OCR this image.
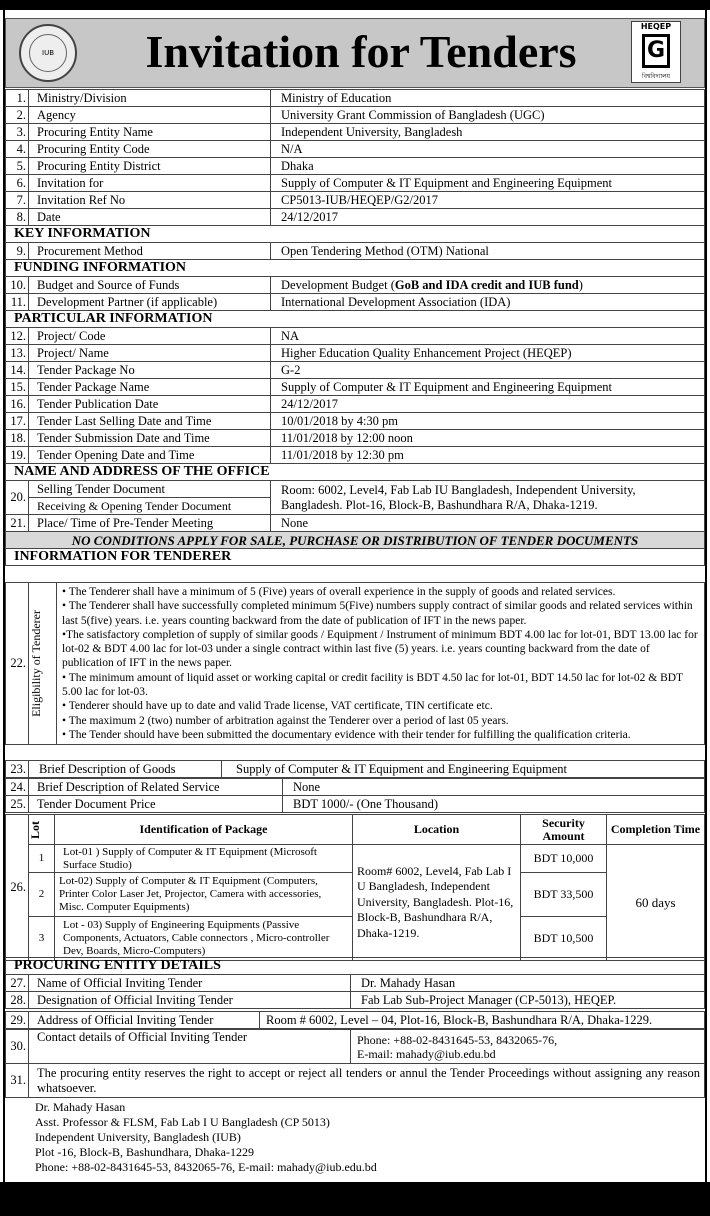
IUB	Invitation for Tenders	HEQEP
G
বিশ্ববিদ্যালয়
1.	Ministry/Division	Ministry of Education
2.	Agency	University Grant Commission of Bangladesh (UGC)
3.	Procuring Entity Name	Independent University, Bangladesh
4.	Procuring Entity Code	N/A
5.	Procuring Entity District	Dhaka
6.	Invitation for	Supply of Computer & IT Equipment and Engineering Equipment
7.	Invitation Ref No	CP5013-IUB/HEQEP/G2/2017
8.	Date	24/12/2017
KEY INFORMATION		
9.	Procurement Method	Open Tendering Method (OTM) National
FUNDING INFORMATION		
10.	Budget and Source of Funds	Development Budget (GoB and IDA credit and IUB fund)
11.	Development Partner (if applicable)	International Development Association (IDA)
PARTICULAR INFORMATION		
12.	Project/ Code	NA
13.	Project/ Name	Higher Education Quality Enhancement Project (HEQEP)
14.	Tender Package No	G-2
15.	Tender Package Name	Supply of Computer & IT Equipment and Engineering Equipment
16.	Tender Publication Date	24/12/2017
17.	Tender Last Selling Date and Time	10/01/2018 by 4:30 pm
18.	Tender Submission Date and Time	11/01/2018 by 12:00 noon
19.	Tender Opening Date and Time	11/01/2018 by 12:30 pm
NAME AND ADDRESS OF THE OFFICE		
20.	Selling Tender Document	Room: 6002, Level4, Fab Lab IU Bangladesh, Independent University, Bangladesh. Plot-16, Block-B, Bashundhara R/A, Dhaka-1219.
	Receiving & Opening Tender Document	
21.	Place/ Time of Pre-Tender Meeting	None
NO CONDITIONS APPLY FOR SALE, PURCHASE OR DISTRIBUTION OF TENDER DOCUMENTS		
INFORMATION FOR TENDERER		
22.	Eligibility of Tenderer

• The Tenderer shall have a minimum of 5 (Five) years of overall experience in the supply of goods and related services.
• The Tenderer shall have successfully completed minimum 5(Five) numbers supply contract of similar goods and related services within last 5(five) years. i.e. years counting backward from the date of publication of IFT in the news paper.
•The satisfactory completion of supply of similar goods / Equipment / Instrument of minimum BDT 4.00 lac for lot-01, BDT 13.00 lac for lot-02 & BDT 4.00 lac for lot-03 under a single contract within last five (5) years. i.e. years counting backward from the date of publication of IFT in the news paper.
• The minimum amount of liquid asset or working capital or credit facility is BDT 4.50 lac for lot-01, BDT 14.50 lac for lot-02 & BDT 5.00 lac for lot-03.
• Tenderer should have up to date and valid Trade license, VAT certificate, TIN certificate etc.
• The maximum 2 (two) number of arbitration against the Tenderer over a period of last 05 years.
• The Tender should have been submitted the documentary evidence with their tender for fulfilling the qualification criteria.
23.	Brief Description of Goods	Supply of Computer & IT Equipment and Engineering Equipment
24.	Brief Description of Related Service	None
25.	Tender Document Price	BDT 1000/- (One Thousand)
26.	Lot	Identification of Package	Location	Security Amount	Completion Time
	1	Lot-01 ) Supply of Computer & IT Equipment (Microsoft Surface Studio)	Room# 6002, Level4, Fab Lab I U Bangladesh, Independent University, Bangladesh. Plot-16, Block-B, Bashundhara R/A, Dhaka-1219.	BDT 10,000	60 days
	2	Lot-02) Supply of Computer & IT Equipment (Computers, Printer Color Laser Jet, Projector, Camera with accessories, Misc. Computer Equipments)		BDT 33,500	
	3	Lot - 03) Supply of Engineering Equipments (Passive Components, Actuators, Cable connectors , Micro-controller Dev, Boards, Micro-Computers)		BDT 10,500	
PROCURING ENTITY DETAILS		
27.	Name of Official Inviting Tender	Dr. Mahady Hasan
28.	Designation of Official Inviting Tender	Fab Lab Sub-Project Manager (CP-5013), HEQEP.
29.	Address of Official Inviting Tender	Room # 6002, Level – 04, Plot-16, Block-B, Bashundhara R/A, Dhaka-1229.
30.	Contact details of Official Inviting Tender	Phone: +88-02-8431645-53, 8432065-76,
E-mail: mahady@iub.edu.bd

31.	The procuring entity reserves the right to accept or reject all tenders or annul the Tender Proceedings without assigning any reason whatsoever.	
Dr. Mahady Hasan
Asst. Professor & FLSM, Fab Lab I U Bangladesh (CP 5013)
Independent University, Bangladesh (IUB)
Plot -16, Block-B, Bashundhara, Dhaka-1229
Phone: +88-02-8431645-53, 8432065-76, E-mail: mahady@iub.edu.bd
